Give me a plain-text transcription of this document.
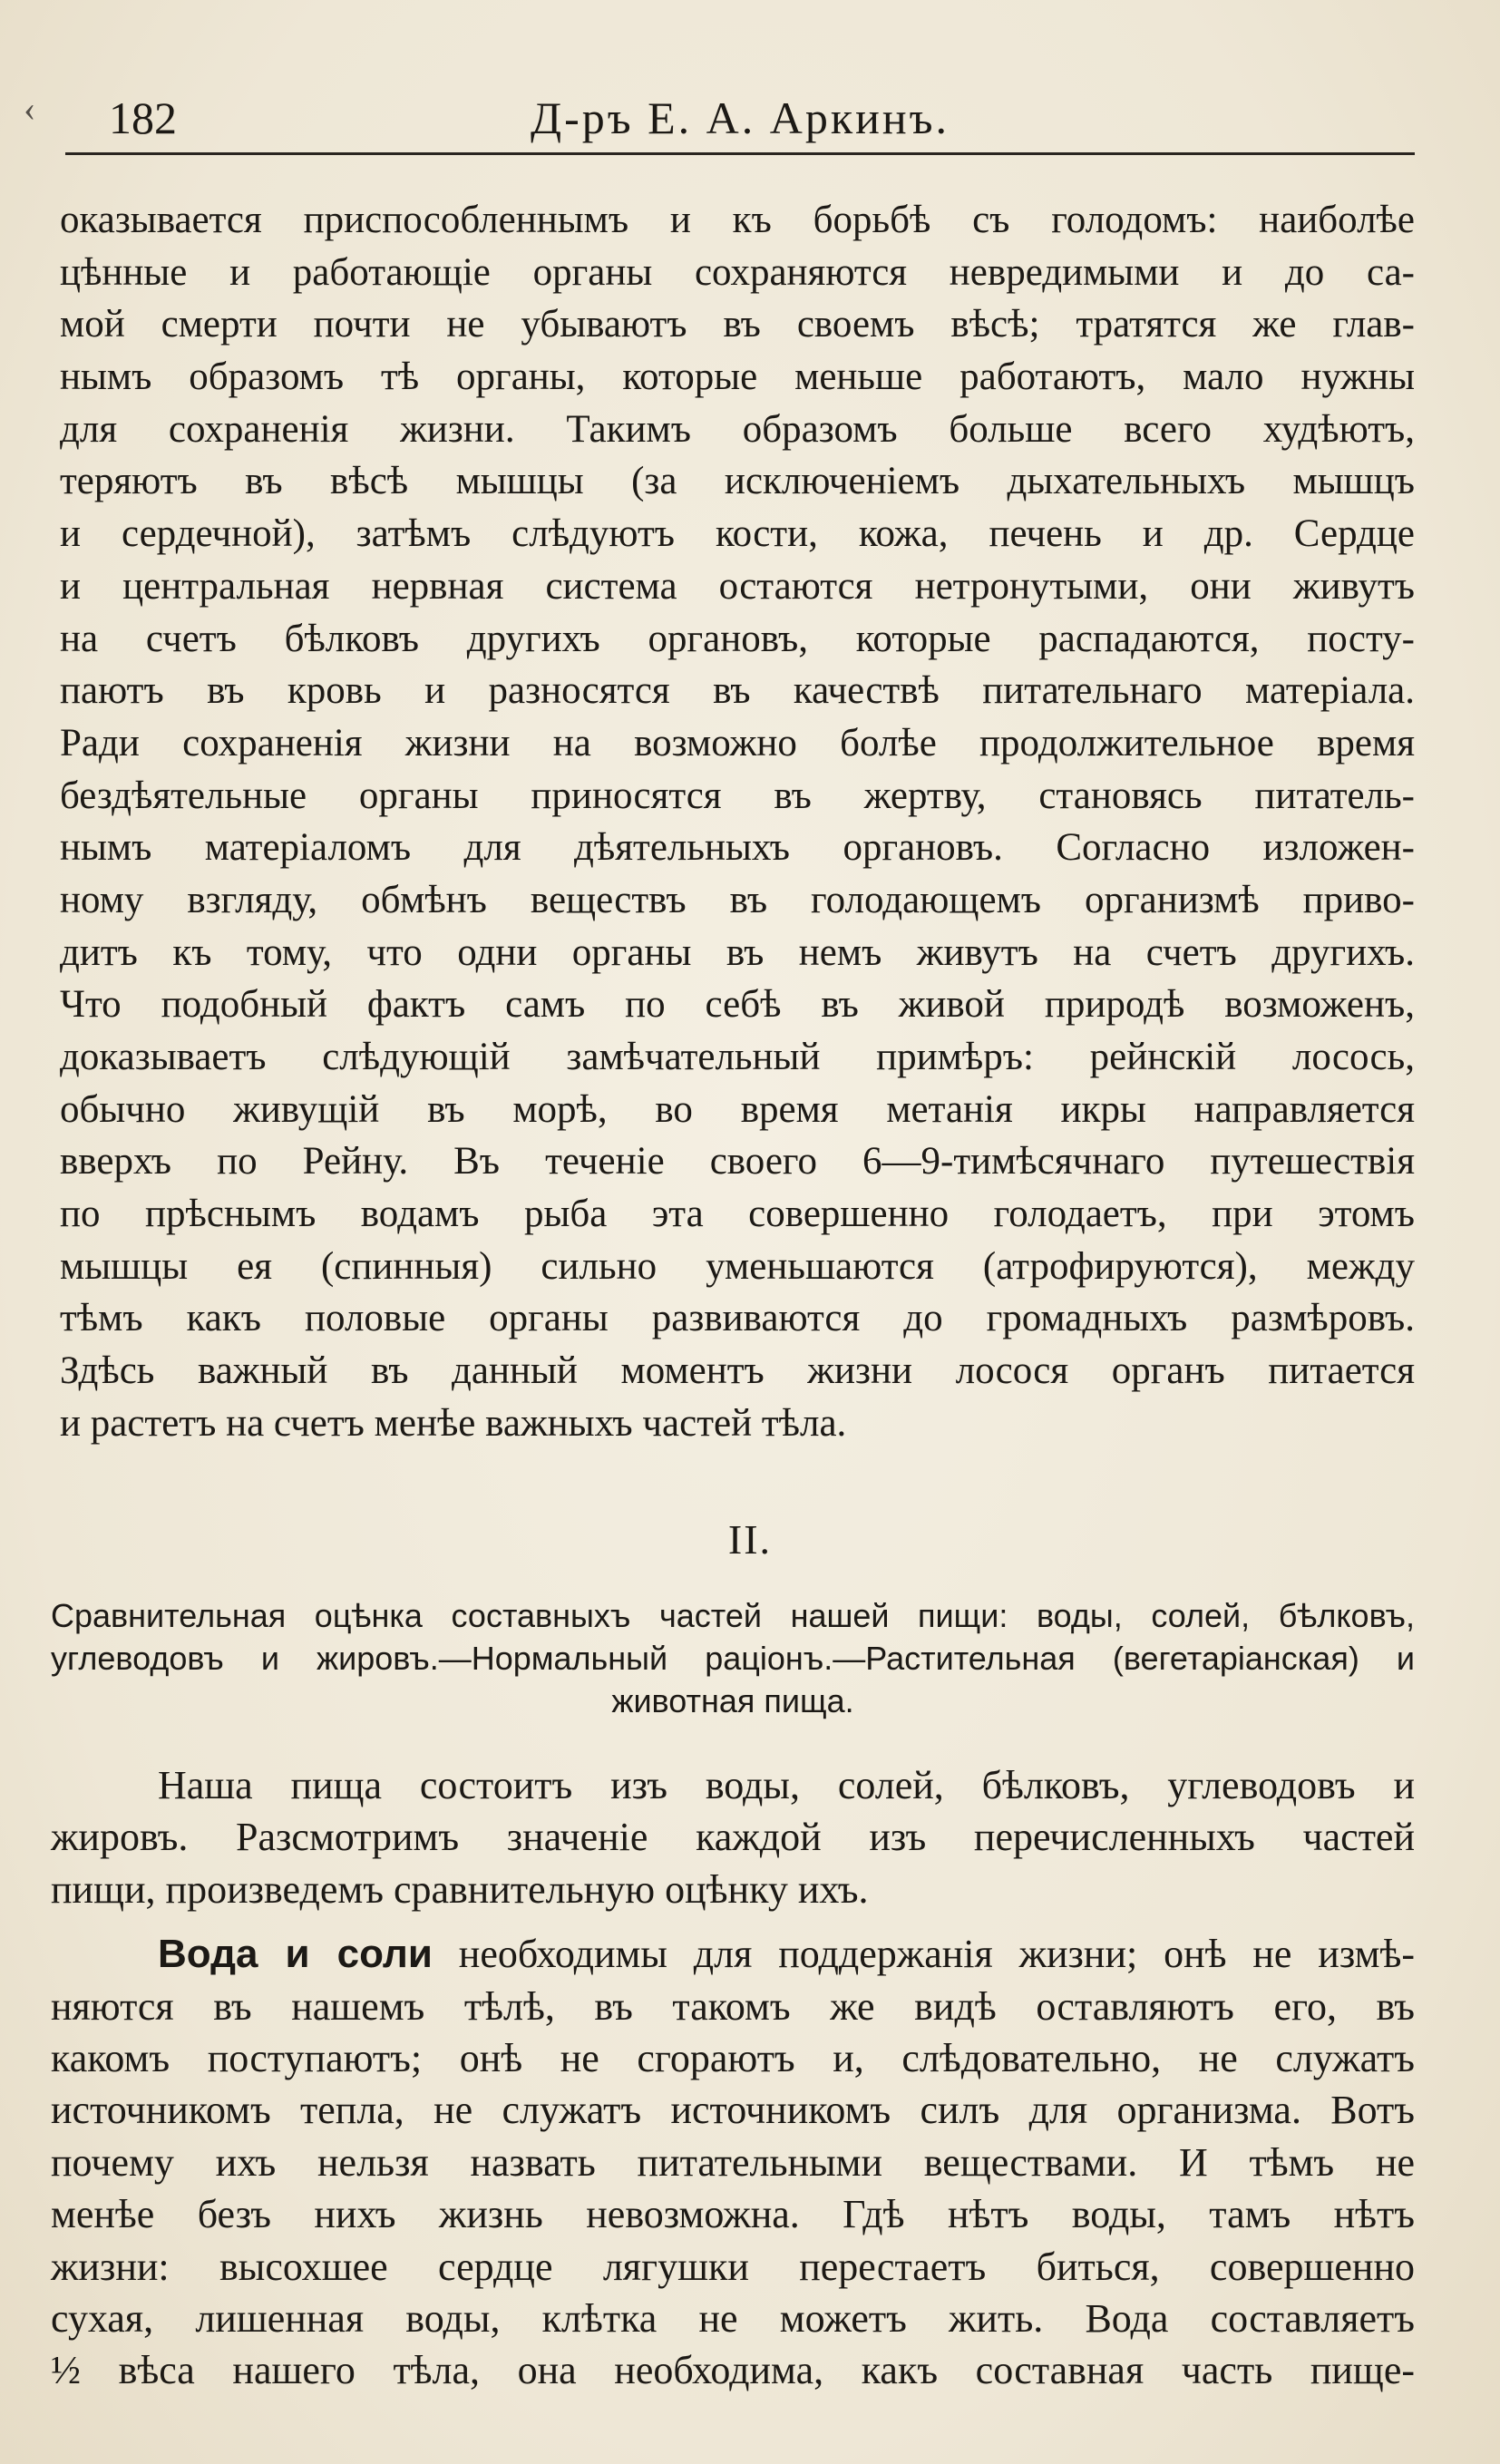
‹ 182	Д-ръ Е. А. Аркинъ.
оказывается приспособленнымъ и къ борьбѣ съ голодомъ: наиболѣе
цѣнные и работающіе органы сохраняются невредимыми и до са-
мой смерти почти не убываютъ въ своемъ вѣсѣ; тратятся же глав-
нымъ образомъ тѣ органы, которые меньше работаютъ, мало нужны
для сохраненія жизни. Такимъ образомъ больше всего худѣютъ,
теряютъ въ вѣсѣ мышцы (за исключеніемъ дыхательныхъ мышцъ
и сердечной), затѣмъ слѣдуютъ кости, кожа, печень и др. Сердце
и центральная нервная система остаются нетронутыми, они живутъ
на счетъ бѣлковъ другихъ органовъ, которые распадаются, посту-
паютъ въ кровь и разносятся въ качествѣ питательнаго матеріала.
Ради сохраненія жизни на возможно болѣе продолжительное время
бездѣятельные органы приносятся въ жертву, становясь питатель-
нымъ матеріаломъ для дѣятельныхъ органовъ. Согласно изложен-
ному взгляду, обмѣнъ веществъ въ голодающемъ организмѣ приво-
дитъ къ тому, что одни органы въ немъ живутъ на счетъ другихъ.
Что подобный фактъ самъ по себѣ въ живой природѣ возможенъ,
доказываетъ слѣдующій замѣчательный примѣръ: рейнскій лосось,
обычно живущій въ морѣ, во время метанія икры направляется
вверхъ по Рейну. Въ теченіе своего 6—9-тимѣсячнаго путешествія
по прѣснымъ водамъ рыба эта совершенно голодаетъ, при этомъ
мышцы ея (спинныя) сильно уменьшаются (атрофируются), между
тѣмъ какъ половые органы развиваются до громадныхъ размѣровъ.
Здѣсь важный въ данный моментъ жизни лосося органъ питается
и растетъ на счетъ менѣе важныхъ частей тѣла.
II.
Сравнительная оцѣнка составныхъ частей нашей пищи: воды, солей, бѣлковъ,
углеводовъ и жировъ.—Нормальный раціонъ.—Растительная (вегетаріанская) и
животная пища.
Наша пища состоитъ изъ воды, солей, бѣлковъ, углеводовъ и
жировъ. Разсмотримъ значеніе каждой изъ перечисленныхъ частей
пищи, произведемъ сравнительную оцѣнку ихъ.
Вода и соли необходимы для поддержанія жизни; онѣ не измѣ-
няются въ нашемъ тѣлѣ, въ такомъ же видѣ оставляютъ его, въ
какомъ поступаютъ; онѣ не сгораютъ и, слѣдовательно, не служатъ
источникомъ тепла, не служатъ источникомъ силъ для организма. Вотъ
почему ихъ нельзя назвать питательными веществами. И тѣмъ не
менѣе безъ нихъ жизнь невозможна. Гдѣ нѣтъ воды, тамъ нѣтъ
жизни: высохшее сердце лягушки перестаетъ биться, совершенно
сухая, лишенная воды, клѣтка не можетъ жить. Вода составляетъ
½ вѣса нашего тѣла, она необходима, какъ составная часть пище-
